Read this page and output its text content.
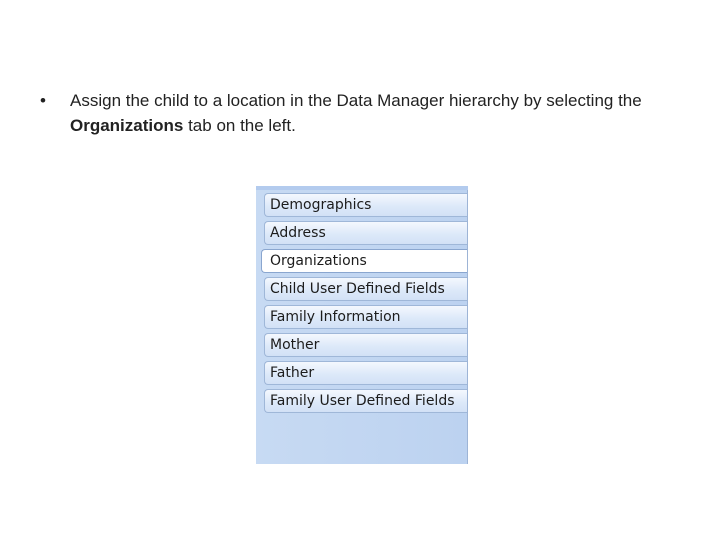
•	Assign the child to a location in the Data Manager hierarchy by selecting the Organizations tab on the left.
Demographics
Address
Organizations
Child User Defined Fields
Family Information
Mother
Father
Family User Defined Fields
